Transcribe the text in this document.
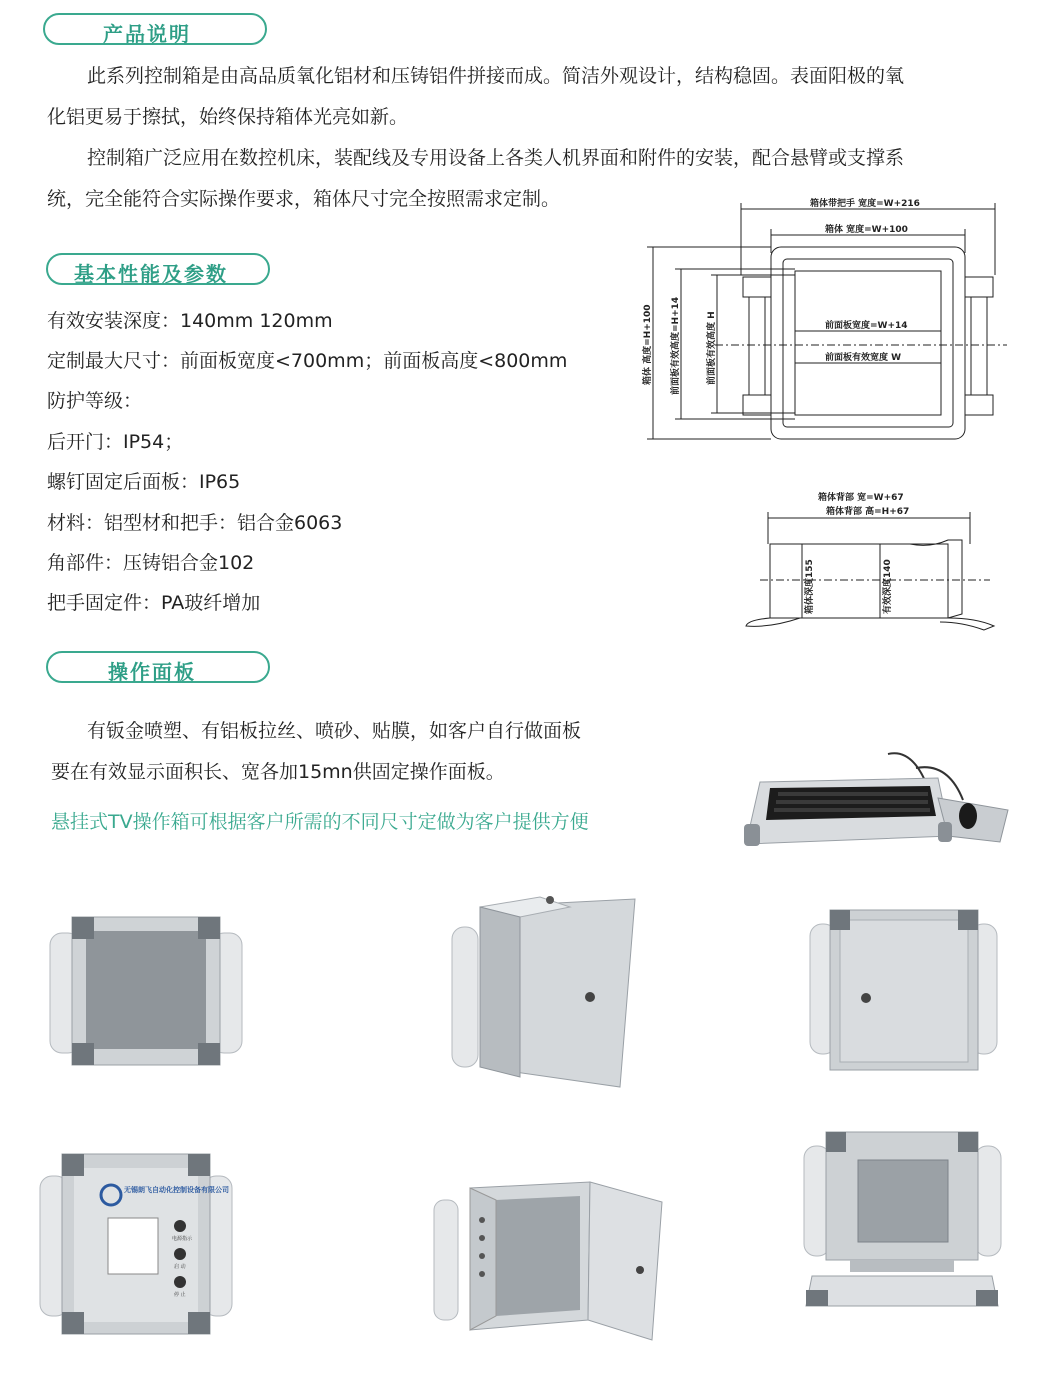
产品说明
此系列控制箱是由高品质氧化铝材和压铸铝件拼接而成。简洁外观设计，结构稳固。表面阳极的氧
化铝更易于擦拭，始终保持箱体光亮如新。
控制箱广泛应用在数控机床，装配线及专用设备上各类人机界面和附件的安装，配合悬臂或支撑系
统，完全能符合实际操作要求，箱体尺寸完全按照需求定制。
基本性能及参数
有效安装深度：140mm 120mm
定制最大尺寸：前面板宽度<700mm；前面板高度<800mm
防护等级：
后开门：IP54；
螺钉固定后面板：IP65
材料：铝型材和把手：铝合金6063
角部件：压铸铝合金102
把手固定件：PA玻纤增加
箱体带把手 宽度=W+216
箱体 宽度=W+100
前面板宽度=W+14
前面板有效宽度 W
箱体 高度=H+100 前面板有效高度=H+14	前面板有效高度 H
箱体背部 宽=W+67
箱体背部 高=H+67
箱体深度155	有效深度140
操作面板
有钣金喷塑、有铝板拉丝、喷砂、贴膜，如客户自行做面板
要在有效显示面积长、宽各加15mn供固定操作面板。
悬挂式TV操作箱可根据客户所需的不同尺寸定做为客户提供方便
无锡朗飞自动化控制设备有限公司
电源指示
启 动
停 止
